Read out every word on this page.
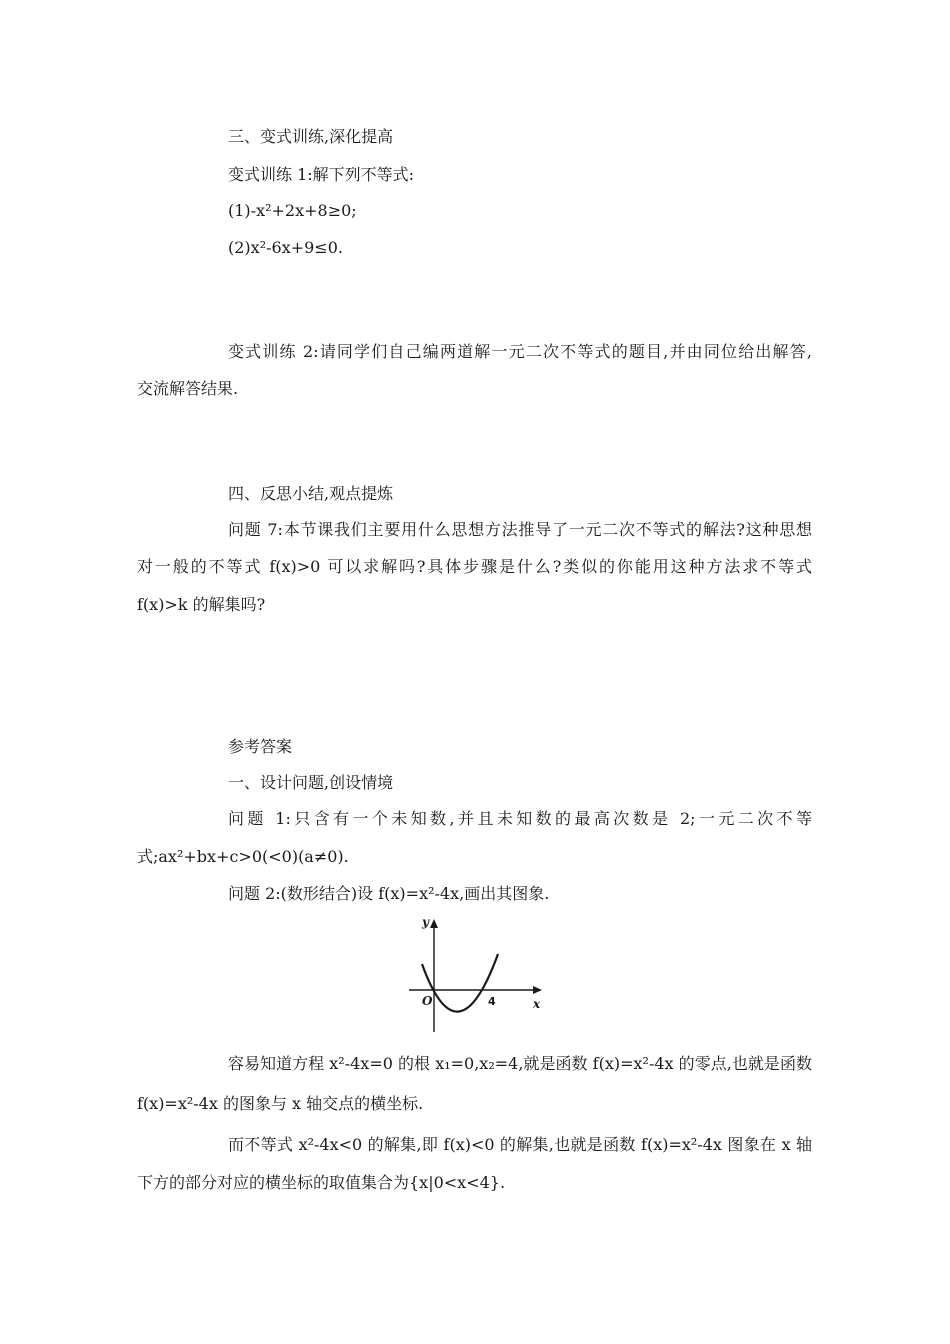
三、变式训练,深化提高
变式训练 1:解下列不等式:
(1)-x²+2x+8≥0;
(2)x²-6x+9≤0.
变式训练 2:请同学们自己编两道解一元二次不等式的题目,并由同位给出解答,
交流解答结果.
四、反思小结,观点提炼
问题 7:本节课我们主要用什么思想方法推导了一元二次不等式的解法?这种思想
对一般的不等式 f(x)>0 可以求解吗?具体步骤是什么?类似的你能用这种方法求不等式
f(x)>k 的解集吗?
参考答案
一、设计问题,创设情境
问题 1:只含有一个未知数,并且未知数的最高次数是 2;一元二次不等
式;ax²+bx+c>0(<0)(a≠0).
问题 2:(数形结合)设 f(x)=x²-4x,画出其图象.
y
x
O	4
容易知道方程 x²-4x=0 的根 x₁=0,x₂=4,就是函数 f(x)=x²-4x 的零点,也就是函数
f(x)=x²-4x 的图象与 x 轴交点的横坐标.
而不等式 x²-4x<0 的解集,即 f(x)<0 的解集,也就是函数 f(x)=x²-4x 图象在 x 轴
下方的部分对应的横坐标的取值集合为{x|0<x<4}.
